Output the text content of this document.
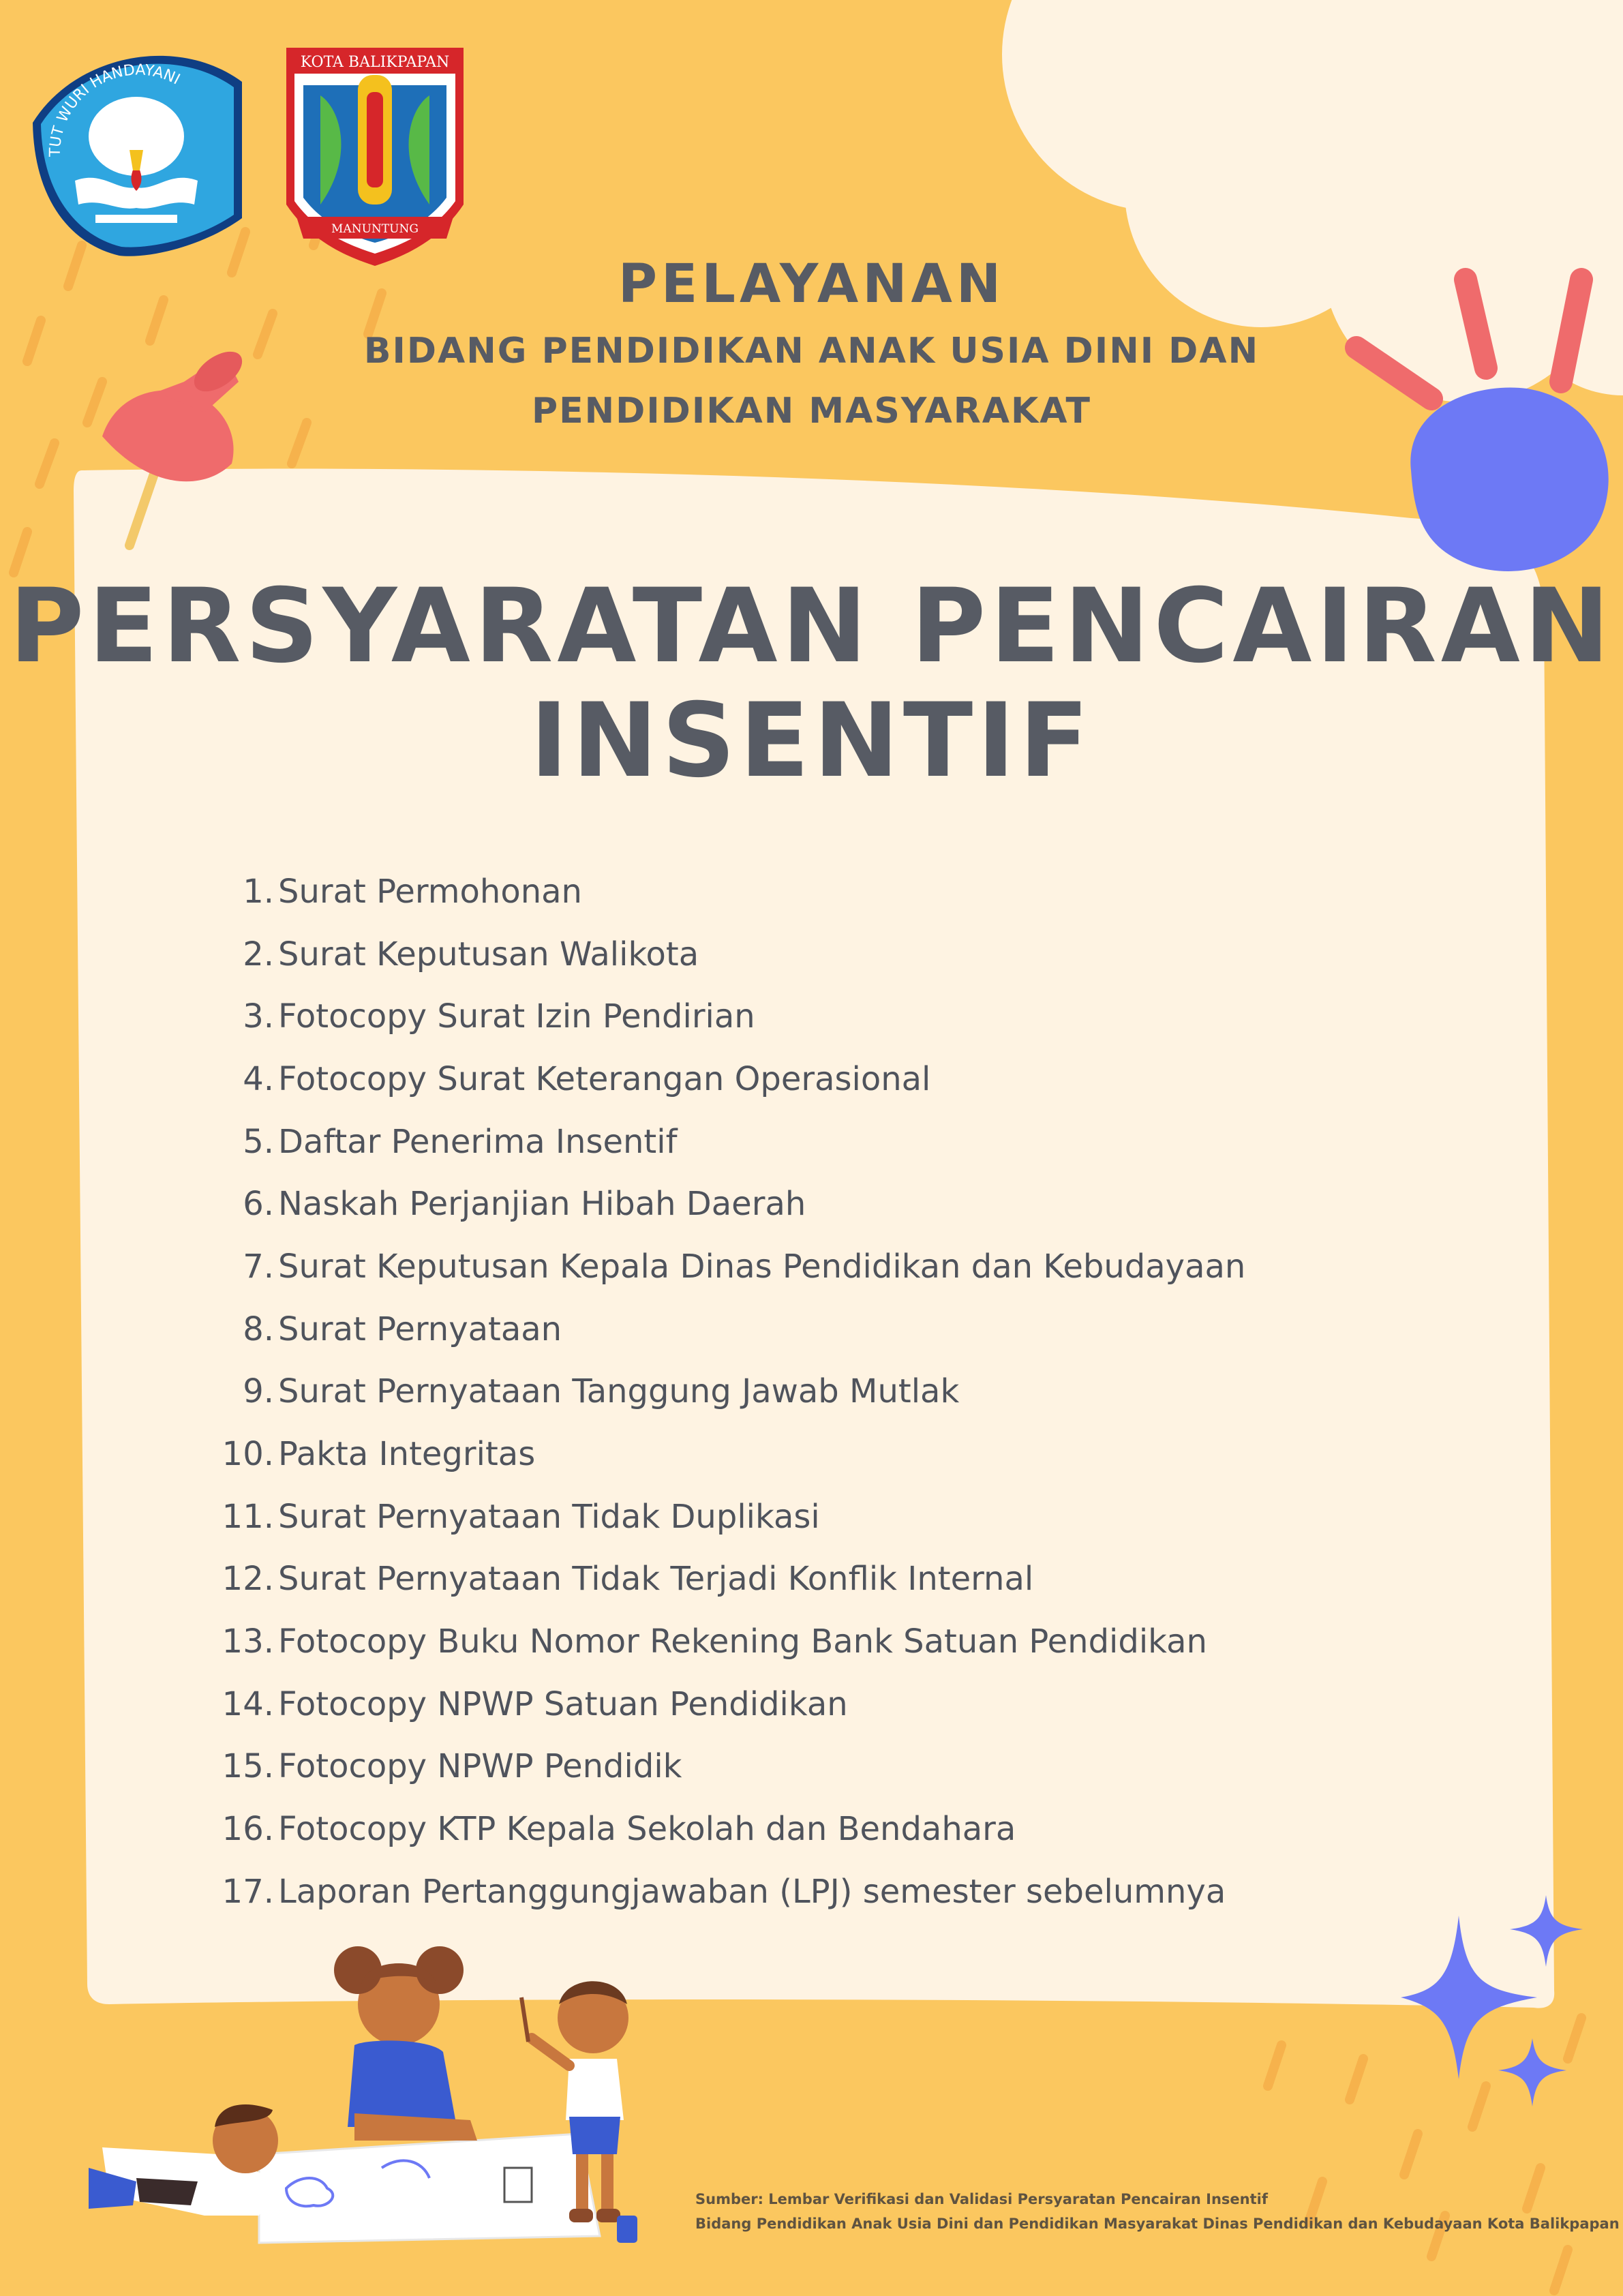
KOTA BALIKPAPAN
MANUNTUNG
TUT WURI HANDAYANI
PELAYANAN
BIDANG PENDIDIKAN ANAK USIA DINI DAN
PENDIDIKAN MASYARAKAT
PERSYARATAN PENCAIRAN
INSENTIF
1. Surat Permohonan
2. Surat Keputusan Walikota
3. Fotocopy Surat Izin Pendirian
4. Fotocopy Surat Keterangan Operasional
5. Daftar Penerima Insentif
6. Naskah Perjanjian Hibah Daerah
7. Surat Keputusan Kepala Dinas Pendidikan dan Kebudayaan
8. Surat Pernyataan
9. Surat Pernyataan Tanggung Jawab Mutlak
10. Pakta Integritas
11. Surat Pernyataan Tidak Duplikasi
12. Surat Pernyataan Tidak Terjadi Konflik Internal
13. Fotocopy Buku Nomor Rekening Bank Satuan Pendidikan
14. Fotocopy NPWP Satuan Pendidikan
15. Fotocopy NPWP Pendidik
16. Fotocopy KTP Kepala Sekolah dan Bendahara
17. Laporan Pertanggungjawaban (LPJ) semester sebelumnya
Sumber: Lembar Verifikasi dan Validasi Persyaratan Pencairan Insentif
Bidang Pendidikan Anak Usia Dini dan Pendidikan Masyarakat Dinas Pendidikan dan Kebudayaan Kota Balikpapan
